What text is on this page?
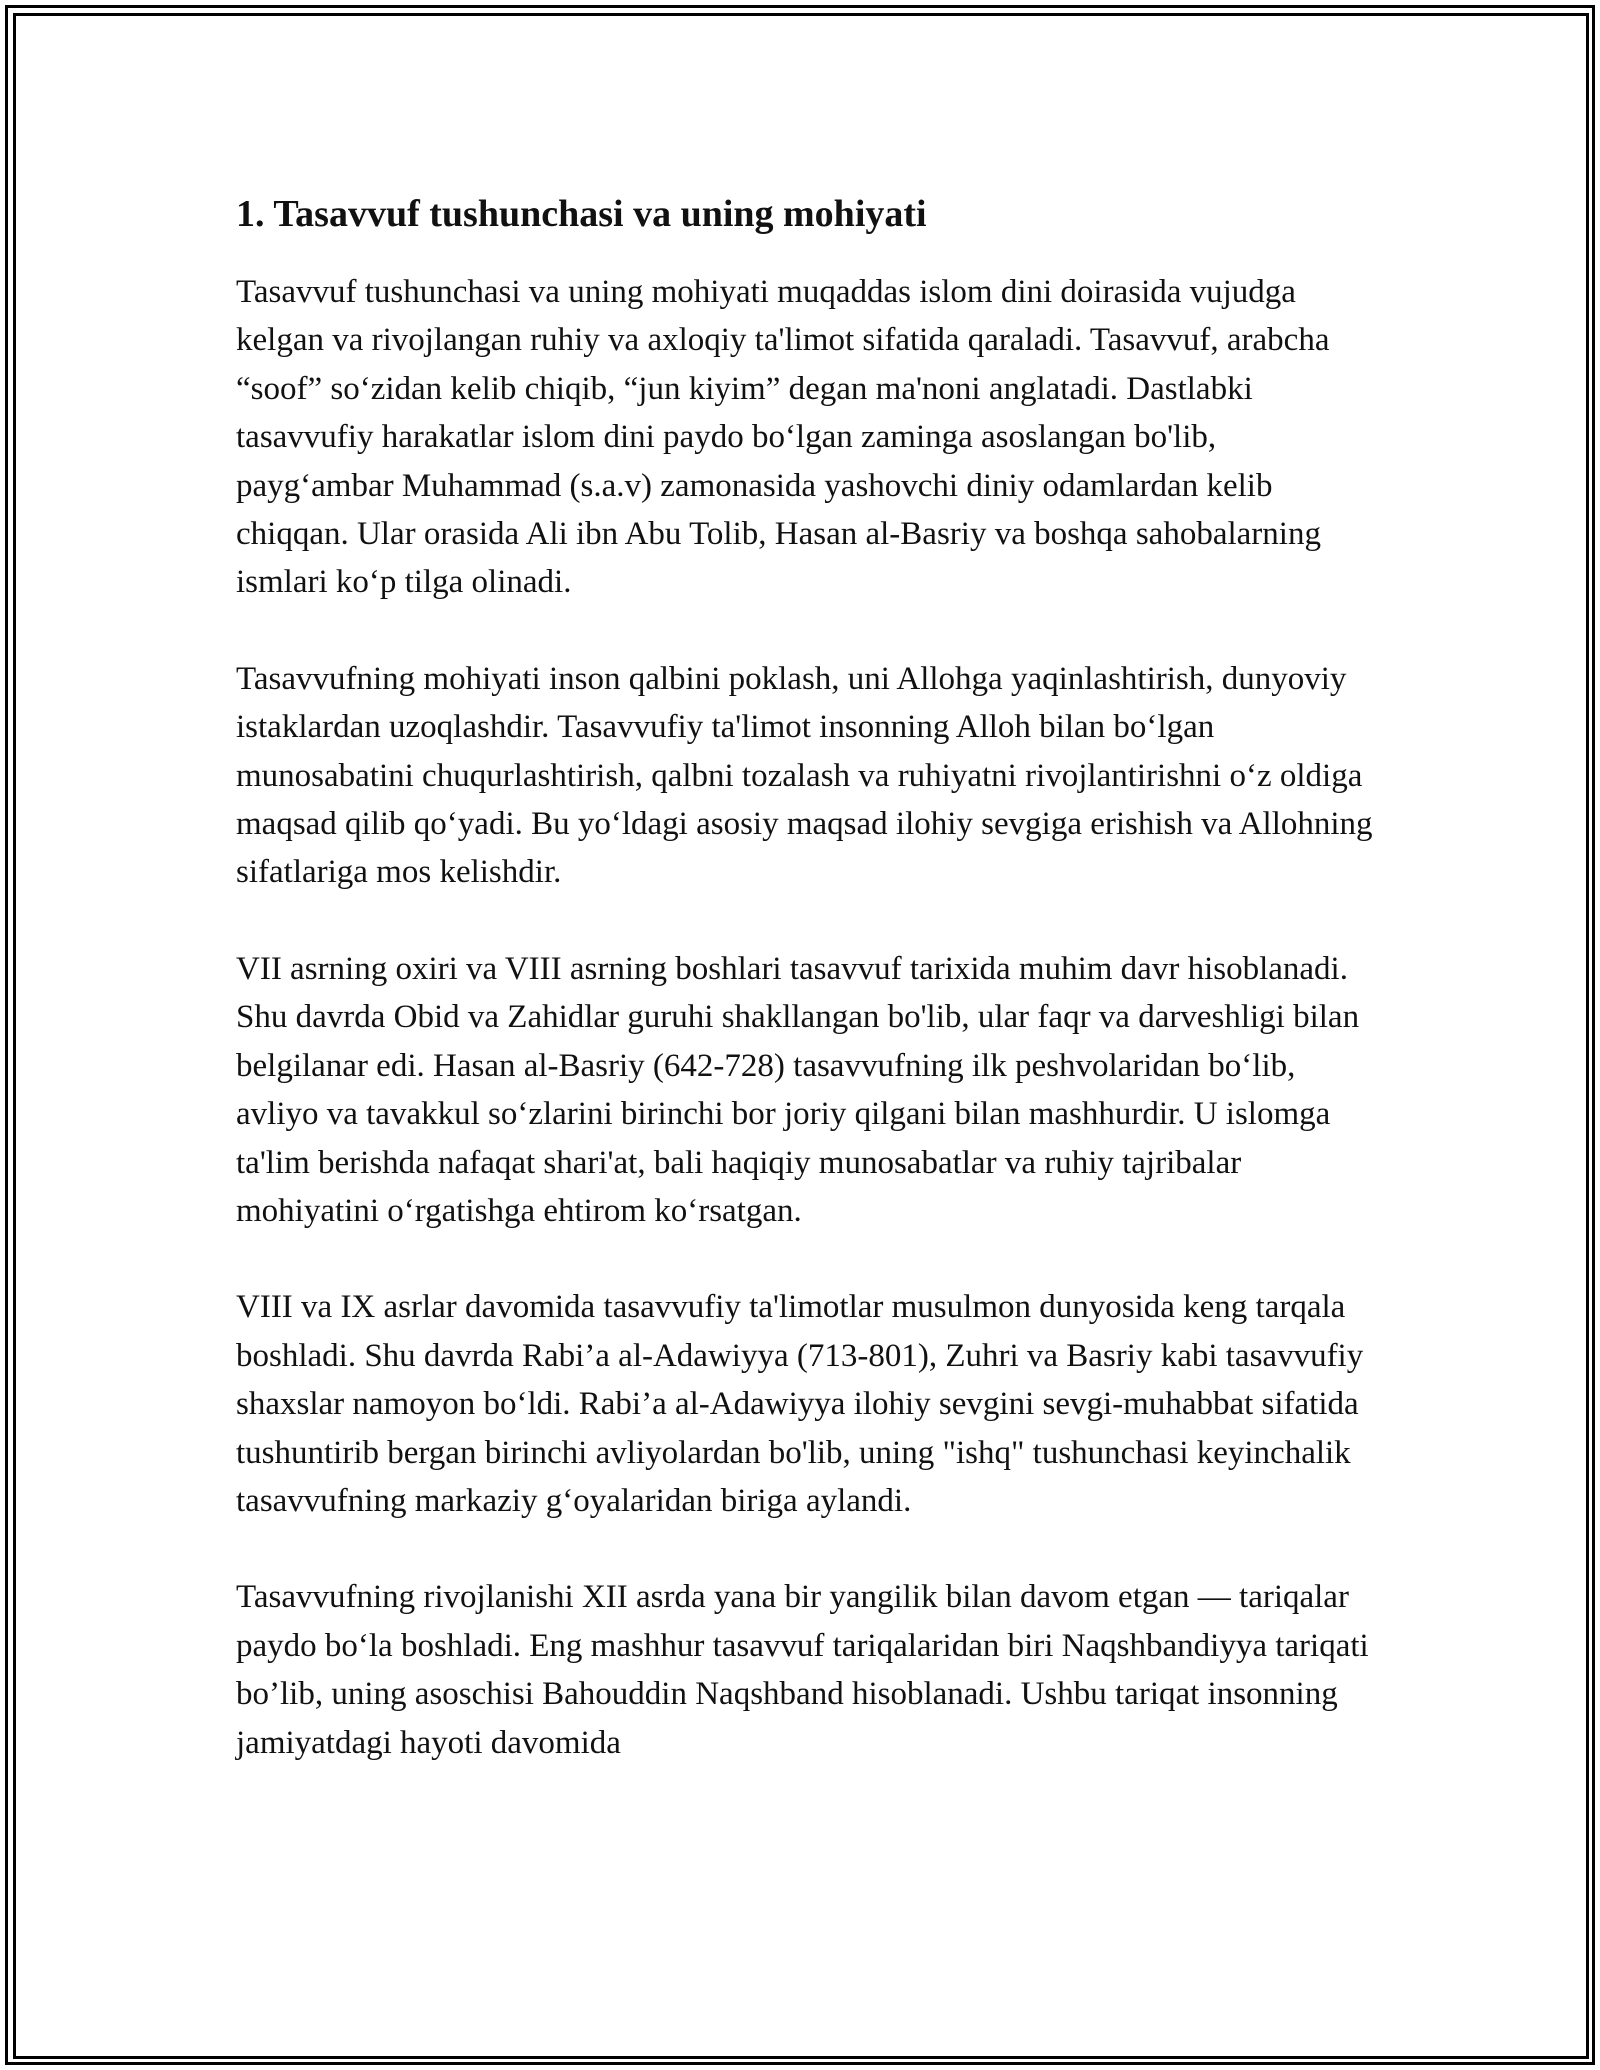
1. Tasavvuf tushunchasi va uning mohiyati

Tasavvuf tushunchasi va uning mohiyati muqaddas islom dini doirasida vujudga kelgan va rivojlangan ruhiy va axloqiy ta'limot sifatida qaraladi. Tasavvuf, arabcha “soof” so‘zidan kelib chiqib, “jun kiyim” degan ma'noni anglatadi. Dastlabki tasavvufiy harakatlar islom dini paydo bo‘lgan zaminga asoslangan bo'lib, payg‘ambar Muhammad (s.a.v) zamonasida yashovchi diniy odamlardan kelib chiqqan. Ular orasida Ali ibn Abu Tolib, Hasan al-Basriy va boshqa sahobalarning ismlari ko‘p tilga olinadi.

Tasavvufning mohiyati inson qalbini poklash, uni Allohga yaqinlashtirish, dunyoviy istaklardan uzoqlashdir. Tasavvufiy ta'limot insonning Alloh bilan bo‘lgan munosabatini chuqurlashtirish, qalbni tozalash va ruhiyatni rivojlantirishni o‘z oldiga maqsad qilib qo‘yadi. Bu yo‘ldagi asosiy maqsad ilohiy sevgiga erishish va Allohning sifatlariga mos kelishdir.

VII asrning oxiri va VIII asrning boshlari tasavvuf tarixida muhim davr hisoblanadi. Shu davrda Obid va Zahidlar guruhi shakllangan bo'lib, ular faqr va darveshligi bilan belgilanar edi. Hasan al-Basriy (642-728) tasavvufning ilk peshvolaridan bo‘lib, avliyo va tavakkul so‘zlarini birinchi bor joriy qilgani bilan mashhurdir. U islomga ta'lim berishda nafaqat shari'at, bali haqiqiy munosabatlar va ruhiy tajribalar mohiyatini o‘rgatishga ehtirom ko‘rsatgan.

VIII va IX asrlar davomida tasavvufiy ta'limotlar musulmon dunyosida keng tarqala boshladi. Shu davrda Rabi’a al-Adawiyya (713-801), Zuhri va Basriy kabi tasavvufiy shaxslar namoyon bo‘ldi. Rabi’a al-Adawiyya ilohiy sevgini sevgi-muhabbat sifatida tushuntirib bergan birinchi avliyolardan bo'lib, uning "ishq" tushunchasi keyinchalik tasavvufning markaziy g‘oyalaridan biriga aylandi.

Tasavvufning rivojlanishi XII asrda yana bir yangilik bilan davom etgan — tariqalar paydo bo‘la boshladi. Eng mashhur tasavvuf tariqalaridan biri Naqshbandiyya tariqati bo’lib, uning asoschisi Bahouddin Naqshband hisoblanadi. Ushbu tariqat insonning jamiyatdagi hayoti davomida
